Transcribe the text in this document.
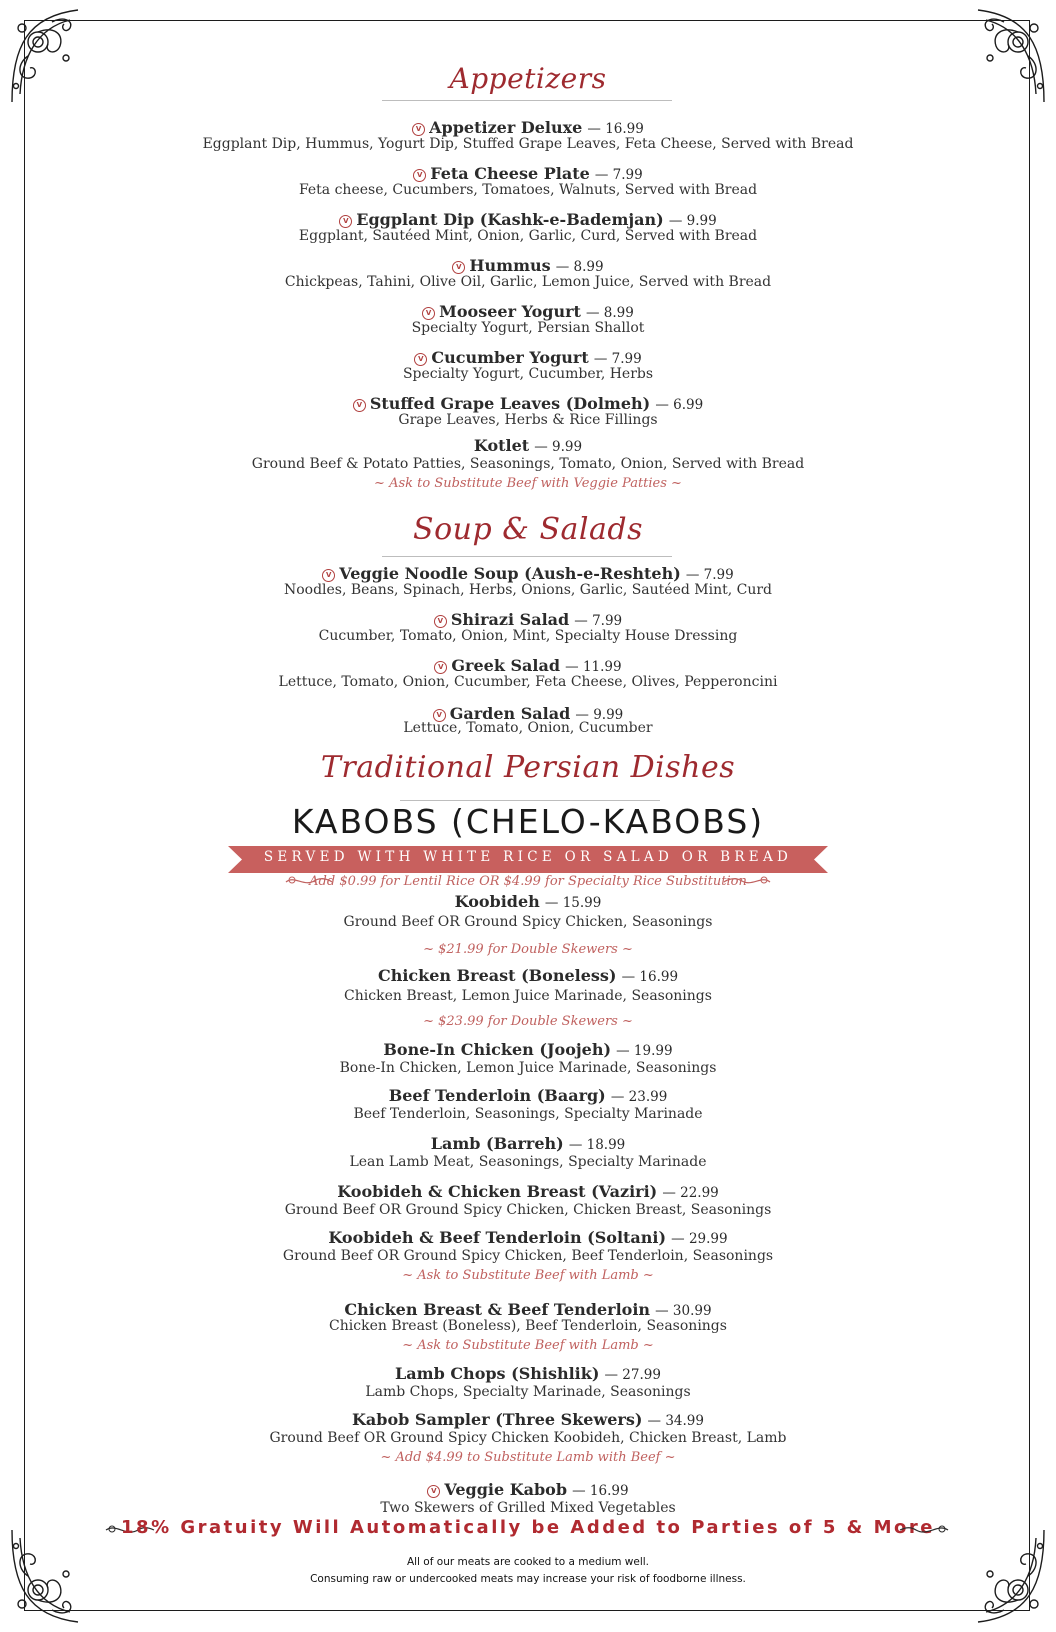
Appetizers
Soup & Salads
Traditional Persian Dishes
KABOBS (CHELO-KABOBS)
SERVED WITH WHITE RICE OR SALAD OR BREAD
Add $0.99 for Lentil Rice OR $4.99 for Specialty Rice Substitution
V Appetizer Deluxe — 16.99
Eggplant Dip, Hummus, Yogurt Dip, Stuffed Grape Leaves, Feta Cheese, Served with Bread
V Feta Cheese Plate — 7.99
Feta cheese, Cucumbers, Tomatoes, Walnuts, Served with Bread
V Eggplant Dip (Kashk-e-Bademjan) — 9.99
Eggplant, Sautéed Mint, Onion, Garlic, Curd, Served with Bread
V Hummus — 8.99
Chickpeas, Tahini, Olive Oil, Garlic, Lemon Juice, Served with Bread
V Mooseer Yogurt — 8.99
Specialty Yogurt, Persian Shallot
V Cucumber Yogurt — 7.99
Specialty Yogurt, Cucumber, Herbs
V Stuffed Grape Leaves (Dolmeh) — 6.99
Grape Leaves, Herbs & Rice Fillings
Kotlet — 9.99
Ground Beef & Potato Patties, Seasonings, Tomato, Onion, Served with Bread
~ Ask to Substitute Beef with Veggie Patties ~
V Veggie Noodle Soup (Aush-e-Reshteh) — 7.99
Noodles, Beans, Spinach, Herbs, Onions, Garlic, Sautéed Mint, Curd
V Shirazi Salad — 7.99
Cucumber, Tomato, Onion, Mint, Specialty House Dressing
V Greek Salad — 11.99
Lettuce, Tomato, Onion, Cucumber, Feta Cheese, Olives, Pepperoncini
V Garden Salad — 9.99
Lettuce, Tomato, Onion, Cucumber
Koobideh — 15.99
Ground Beef OR Ground Spicy Chicken, Seasonings
~ $21.99 for Double Skewers ~
Chicken Breast (Boneless) — 16.99
Chicken Breast, Lemon Juice Marinade, Seasonings
~ $23.99 for Double Skewers ~
Bone-In Chicken (Joojeh) — 19.99
Bone-In Chicken, Lemon Juice Marinade, Seasonings
Beef Tenderloin (Baarg) — 23.99
Beef Tenderloin, Seasonings, Specialty Marinade
Lamb (Barreh) — 18.99
Lean Lamb Meat, Seasonings, Specialty Marinade
Koobideh & Chicken Breast (Vaziri) — 22.99
Ground Beef OR Ground Spicy Chicken, Chicken Breast, Seasonings
Koobideh & Beef Tenderloin (Soltani) — 29.99
Ground Beef OR Ground Spicy Chicken, Beef Tenderloin, Seasonings
~ Ask to Substitute Beef with Lamb ~
Chicken Breast & Beef Tenderloin — 30.99
Chicken Breast (Boneless), Beef Tenderloin, Seasonings
~ Ask to Substitute Beef with Lamb ~
Lamb Chops (Shishlik) — 27.99
Lamb Chops, Specialty Marinade, Seasonings
Kabob Sampler (Three Skewers) — 34.99
Ground Beef OR Ground Spicy Chicken Koobideh, Chicken Breast, Lamb
~ Add $4.99 to Substitute Lamb with Beef ~
V Veggie Kabob — 16.99
Two Skewers of Grilled Mixed Vegetables
18% Gratuity Will Automatically be Added to Parties of 5 & More
All of our meats are cooked to a medium well.
Consuming raw or undercooked meats may increase your risk of foodborne illness.
